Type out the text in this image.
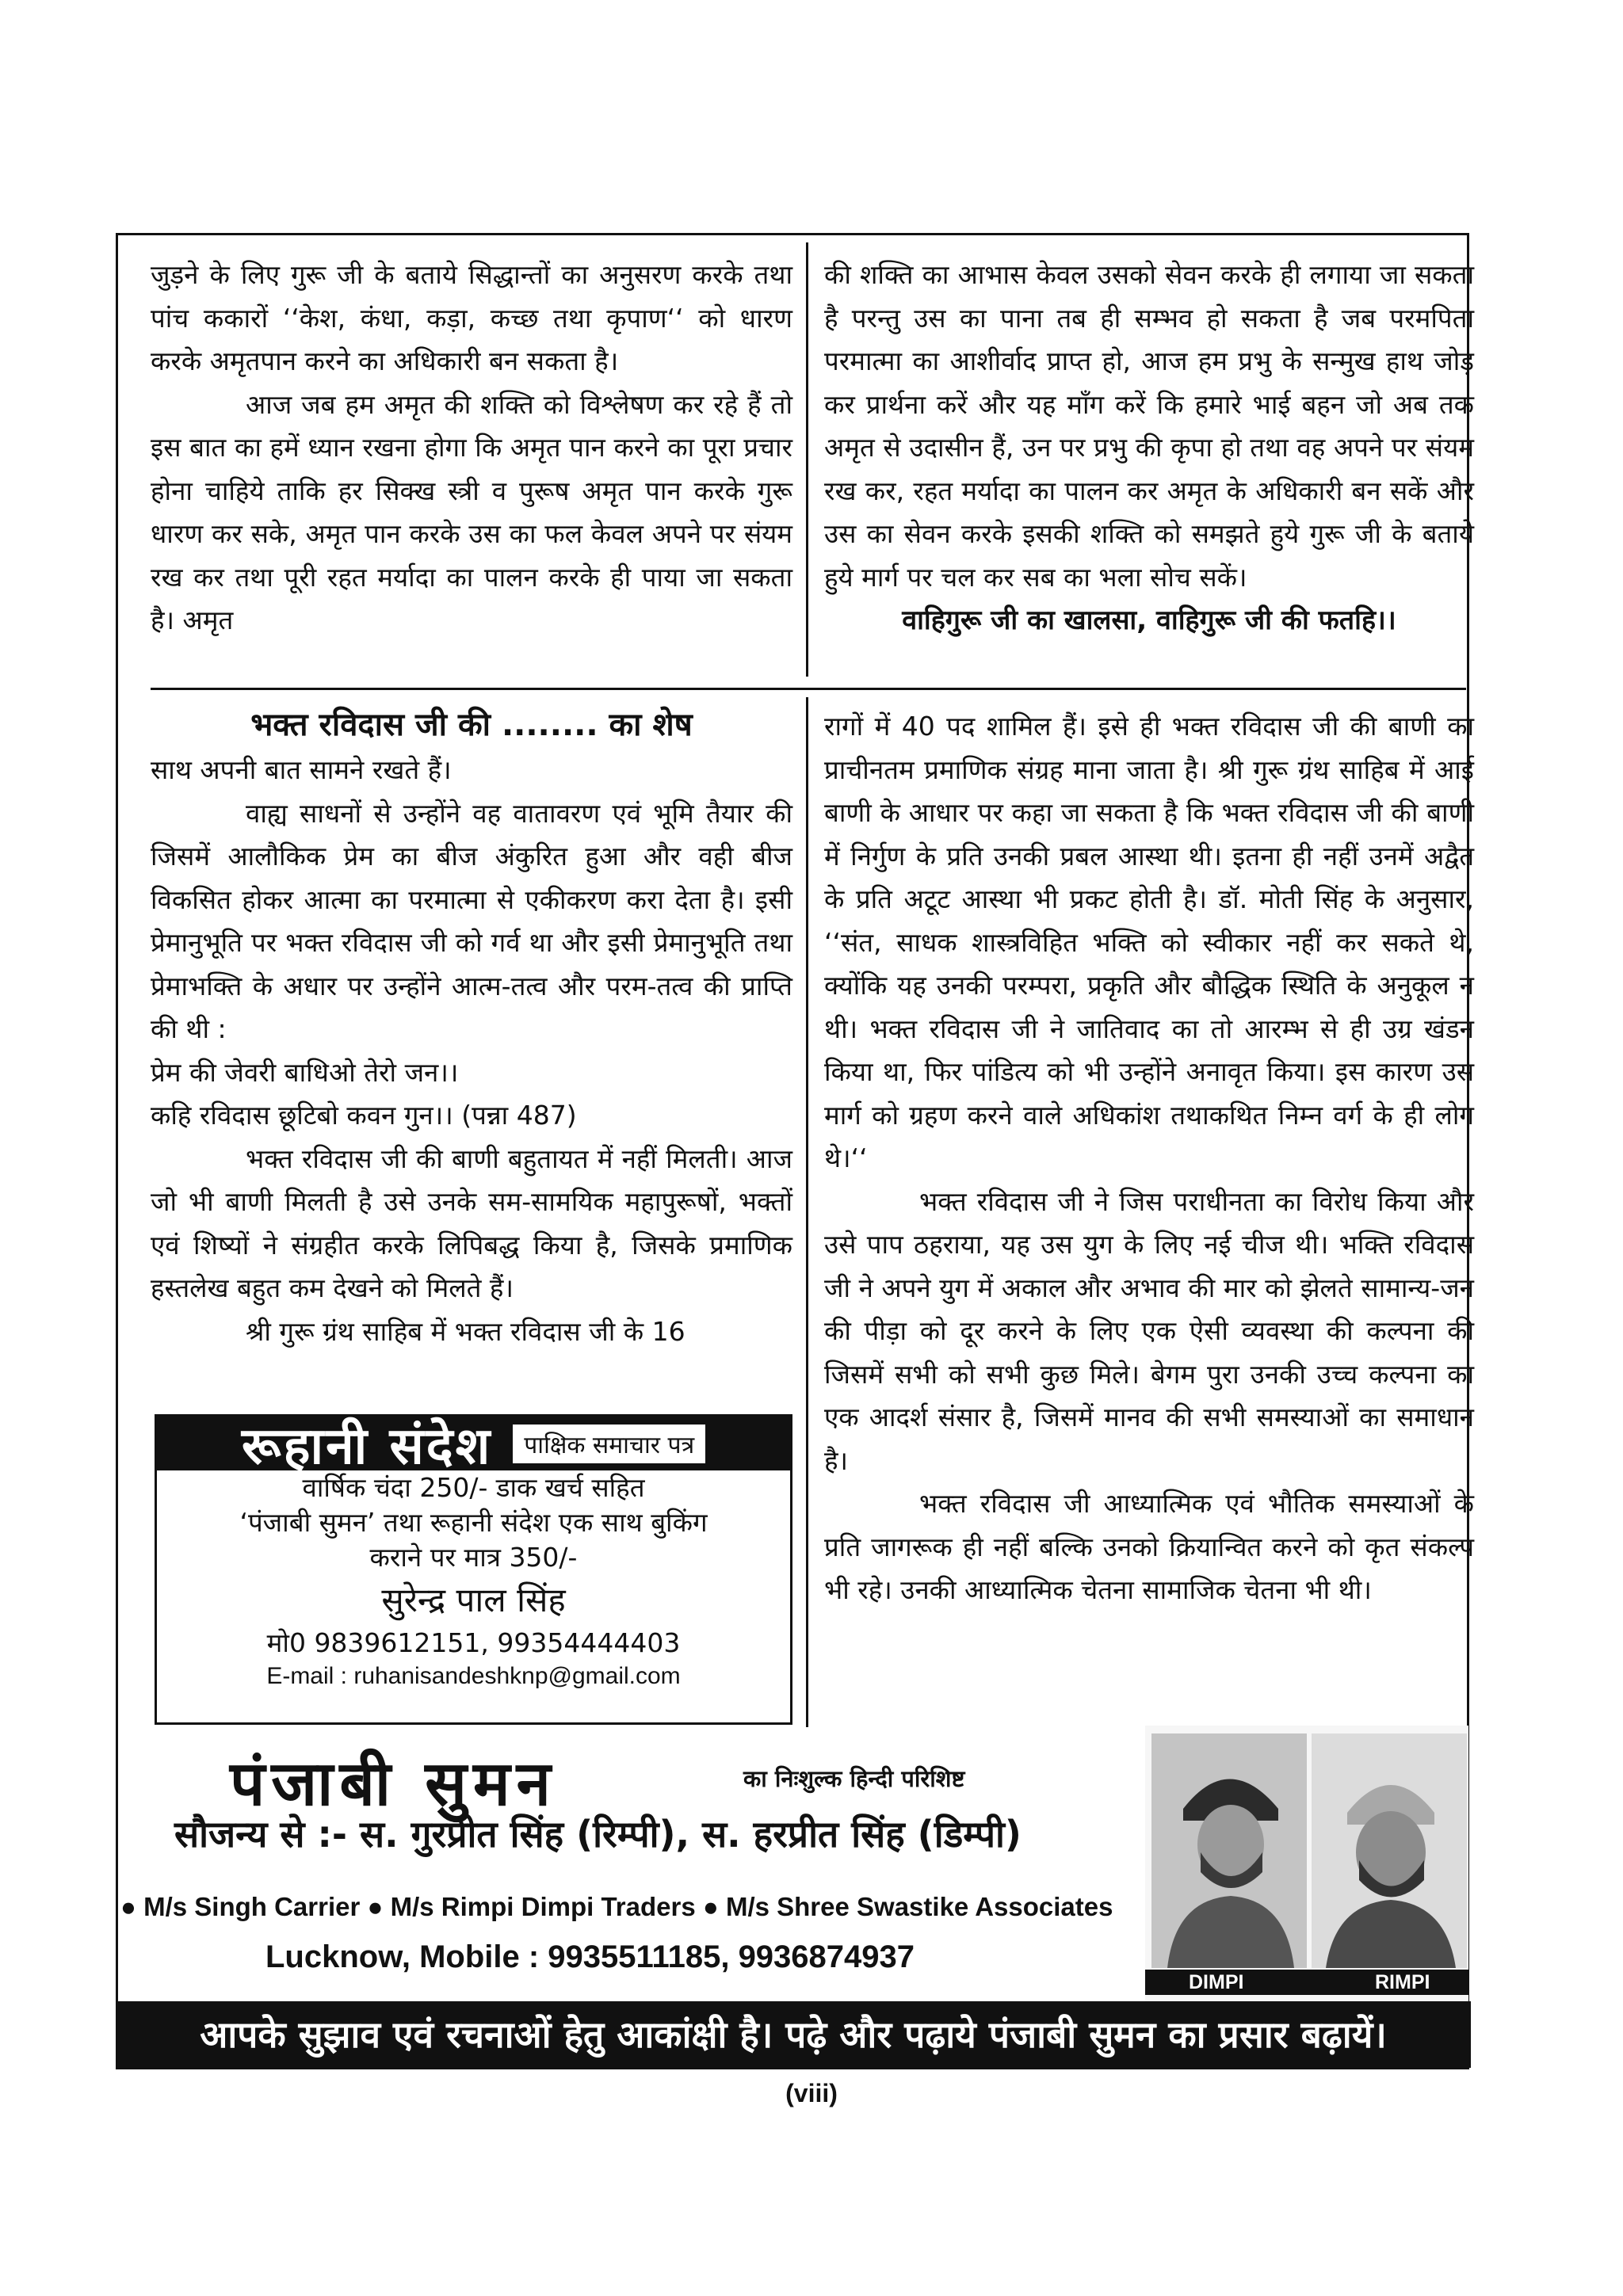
जुड़ने के लिए गुरू जी के बताये सिद्धान्तों का अनुसरण करके तथा पांच ककारों ‘‘केश, कंधा, कड़ा, कच्छ तथा कृपाण‘‘ को धारण करके अमृतपान करने का अधिकारी बन सकता है।

आज जब हम अमृत की शक्ति को विश्लेषण कर रहे हैं तो इस बात का हमें ध्यान रखना होगा कि अमृत पान करने का पूरा प्रचार होना चाहिये ताकि हर सिक्ख स्त्री व पुरूष अमृत पान करके गुरू धारण कर सके, अमृत पान करके उस का फल केवल अपने पर संयम रख कर तथा पूरी रहत मर्यादा का पालन करके ही पाया जा सकता है। अमृत

की शक्ति का आभास केवल उसको सेवन करके ही लगाया जा सकता है परन्तु उस का पाना तब ही सम्भव हो सकता है जब परमपिता परमात्मा का आशीर्वाद प्राप्त हो, आज हम प्रभु के सन्मुख हाथ जोड़ कर प्रार्थना करें और यह माँग करें कि हमारे भाई बहन जो अब तक अमृत से उदासीन हैं, उन पर प्रभु की कृपा हो तथा वह अपने पर संयम रख कर, रहत मर्यादा का पालन कर अमृत के अधिकारी बन सकें और उस का सेवन करके इसकी शक्ति को समझते हुये गुरू जी के बताये हुये मार्ग पर चल कर सब का भला सोच सकें।

वाहिगुरू जी का खालसा, वाहिगुरू जी की फतहि।।

भक्त रविदास जी की ........ का शेष

साथ अपनी बात सामने रखते हैं।

वाह्य साधनों से उन्होंने वह वातावरण एवं भूमि तैयार की जिसमें आलौकिक प्रेम का बीज अंकुरित हुआ और वही बीज विकसित होकर आत्मा का परमात्मा से एकीकरण करा देता है। इसी प्रेमानुभूति पर भक्त रविदास जी को गर्व था और इसी प्रेमानुभूति तथा प्रेमाभक्ति के अधार पर उन्होंने आत्म-तत्व और परम-तत्व की प्राप्ति की थी :

प्रेम की जेवरी बाधिओ तेरो जन।।

कहि रविदास छूटिबो कवन गुन।। (पन्ना 487)

भक्त रविदास जी की बाणी बहुतायत में नहीं मिलती। आज जो भी बाणी मिलती है उसे उनके सम-सामयिक महापुरूषों, भक्तों एवं शिष्यों ने संग्रहीत करके लिपिबद्ध किया है, जिसके प्रमाणिक हस्तलेख बहुत कम देखने को मिलते हैं।

श्री गुरू ग्रंथ साहिब में भक्त रविदास जी के 16

रागों में 40 पद शामिल हैं। इसे ही भक्त रविदास जी की बाणी का प्राचीनतम प्रमाणिक संग्रह माना जाता है। श्री गुरू ग्रंथ साहिब में आई बाणी के आधार पर कहा जा सकता है कि भक्त रविदास जी की बाणी में निर्गुण के प्रति उनकी प्रबल आस्था थी। इतना ही नहीं उनमें अद्वैत के प्रति अटूट आस्था भी प्रकट होती है। डॉ. मोती सिंह के अनुसार, ‘‘संत, साधक शास्त्रविहित भक्ति को स्वीकार नहीं कर सकते थे, क्योंकि यह उनकी परम्परा, प्रकृति और बौद्धिक स्थिति के अनुकूल न थी। भक्त रविदास जी ने जातिवाद का तो आरम्भ से ही उग्र खंडन किया था, फिर पांडित्य को भी उन्होंने अनावृत किया। इस कारण उस मार्ग को ग्रहण करने वाले अधिकांश तथाकथित निम्न वर्ग के ही लोग थे।‘‘

भक्त रविदास जी ने जिस पराधीनता का विरोध किया और उसे पाप ठहराया, यह उस युग के लिए नई चीज थी। भक्ति रविदास जी ने अपने युग में अकाल और अभाव की मार को झेलते सामान्य-जन की पीड़ा को दूर करने के लिए एक ऐसी व्यवस्था की कल्पना की जिसमें सभी को सभी कुछ मिले। बेगम पुरा उनकी उच्च कल्पना का एक आदर्श संसार है, जिसमें मानव की सभी समस्याओं का समाधान है।

भक्त रविदास जी आध्यात्मिक एवं भौतिक समस्याओं के प्रति जागरूक ही नहीं बल्कि उनको क्रियान्वित करने को कृत संकल्प भी रहे। उनकी आध्यात्मिक चेतना सामाजिक चेतना भी थी।

रूहानी संदेश	पाक्षिक समाचार पत्र
वार्षिक चंदा 250/- डाक खर्च सहित
‘पंजाबी सुमन’ तथा रूहानी संदेश एक साथ बुकिंग
कराने पर मात्र 350/-
सुरेन्द्र पाल सिंह
मो0 9839612151, 99354444403
E-mail : ruhanisandeshknp@gmail.com
पंजाबी सुमन	का निःशुल्क हिन्दी परिशिष्ट
सौजन्य से :- स. गुरप्रीत सिंह (रिम्पी), स. हरप्रीत सिंह (डिम्पी)
● M/s Singh Carrier ● M/s Rimpi Dimpi Traders ● M/s Shree Swastike Associates
Lucknow, Mobile : 9935511185, 9936874937
DIMPI	RIMPI
आपके सुझाव एवं रचनाओं हेतु आकांक्षी है। पढ़े और पढ़ाये पंजाबी सुमन का प्रसार बढ़ायें।
(viii)
